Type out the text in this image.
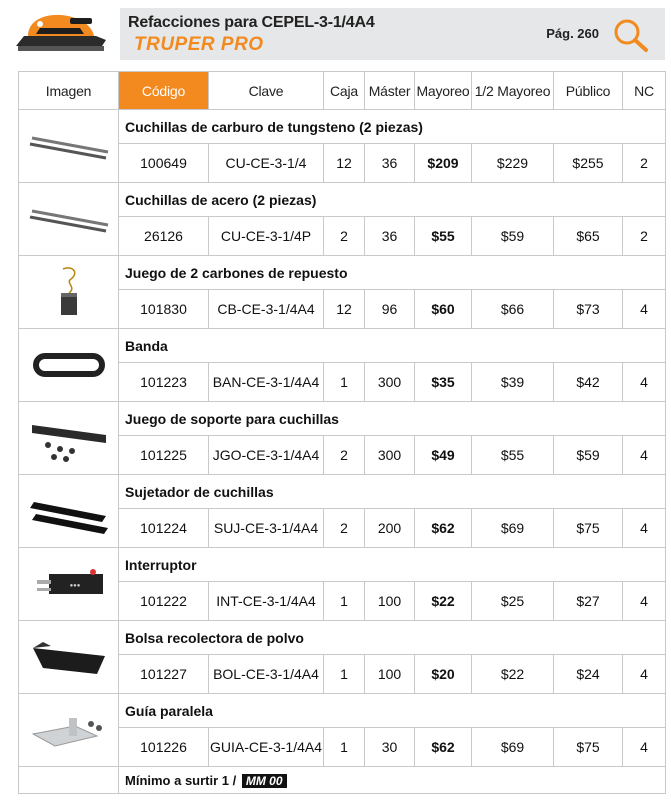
Refacciones para CEPEL-3-1/4A4
TRUPER PRO
Pág. 260
Imagen	Código	Clave	Caja	Máster	Mayoreo	1/2 Mayoreo	Público	NC

	Cuchillas de carburo de tungsteno (2 piezas)							
	100649	CU-CE-3-1/4	12	36	$209	$229	$255	2

	Cuchillas de acero (2 piezas)							
	26126	CU-CE-3-1/4P	2	36	$55	$59	$65	2

	Juego de 2 carbones de repuesto							
	101830	CB-CE-3-1/4A4	12	96	$60	$66	$73	4

	Banda							
	101223	BAN-CE-3-1/4A4	1	300	$35	$39	$42	4

	Juego de soporte para cuchillas							
	101225	JGO-CE-3-1/4A4	2	300	$49	$55	$59	4

	Sujetador de cuchillas							
	101224	SUJ-CE-3-1/4A4	2	200	$62	$69	$75	4

●●●	Interruptor							
	101222	INT-CE-3-1/4A4	1	100	$22	$25	$27	4

	Bolsa recolectora de polvo							
	101227	BOL-CE-3-1/4A4	1	100	$20	$22	$24	4

	Guía paralela							
	101226	GUIA-CE-3-1/4A4	1	30	$62	$69	$75	4
	Mínimo a surtir 1 / MM 00							
